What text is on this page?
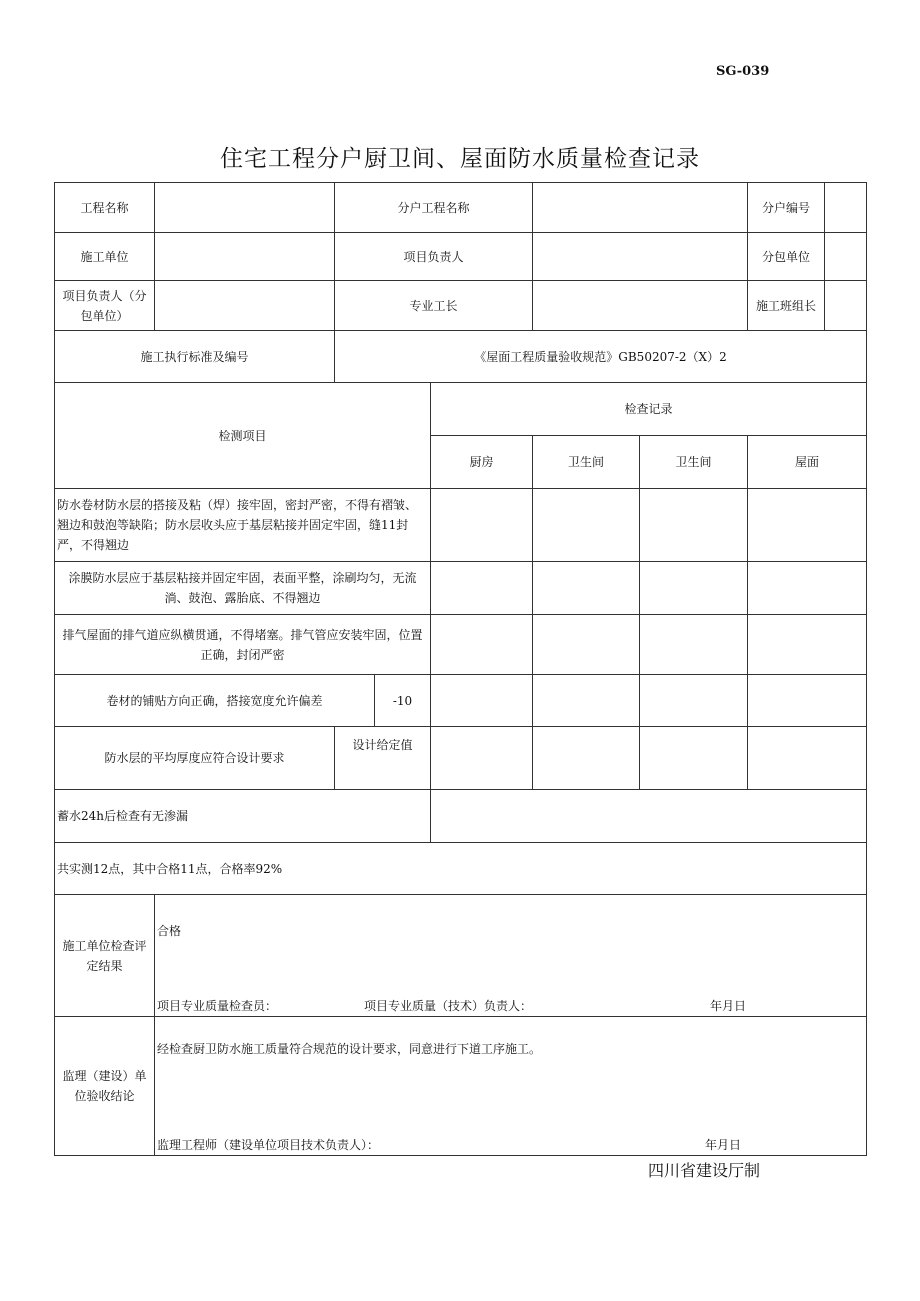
SG-039
住宅工程分户厨卫间、屋面防水质量检查记录
工程名称		分户工程名称					分户编号	
施工单位		项目负责人					分包单位	
项目负责人（分包单位）		专业工长					施工班组长	
施工执行标准及编号		《屋面工程质量验收规范》GB50207-2（X）2						
检测项目				检查记录				
				厨房	卫生间	卫生间	屋面	
防水卷材防水层的搭接及粘（焊）接牢固，密封严密，不得有褶皱、翘边和鼓泡等缺陷；防水层收头应于基层粘接并固定牢固，缝11封严，不得翘边								
涂膜防水层应于基层粘接并固定牢固，表面平整，涂刷均匀，无流淌、鼓泡、露胎底、不得翘边								
排气屋面的排气道应纵横贯通，不得堵塞。排气管应安装牢固，位置正确，封闭严密								
卷材的铺贴方向正确，搭接宽度允许偏差			-10					
防水层的平均厚度应符合设计要求		设计给定值						
蓄水24h后检查有无渗漏								
共实测12点，其中合格11点，合格率92%								
施工单位检查评定结果	合格
项目专业质量检查员： 项目专业质量（技术）负责人： 年月日							

监理（建设）单位验收结论	经检查厨卫防水施工质量符合规范的设计要求，同意进行下道工序施工。
监理工程师（建设单位项目技术负责人）： 年月日							
四川省建设厅制
